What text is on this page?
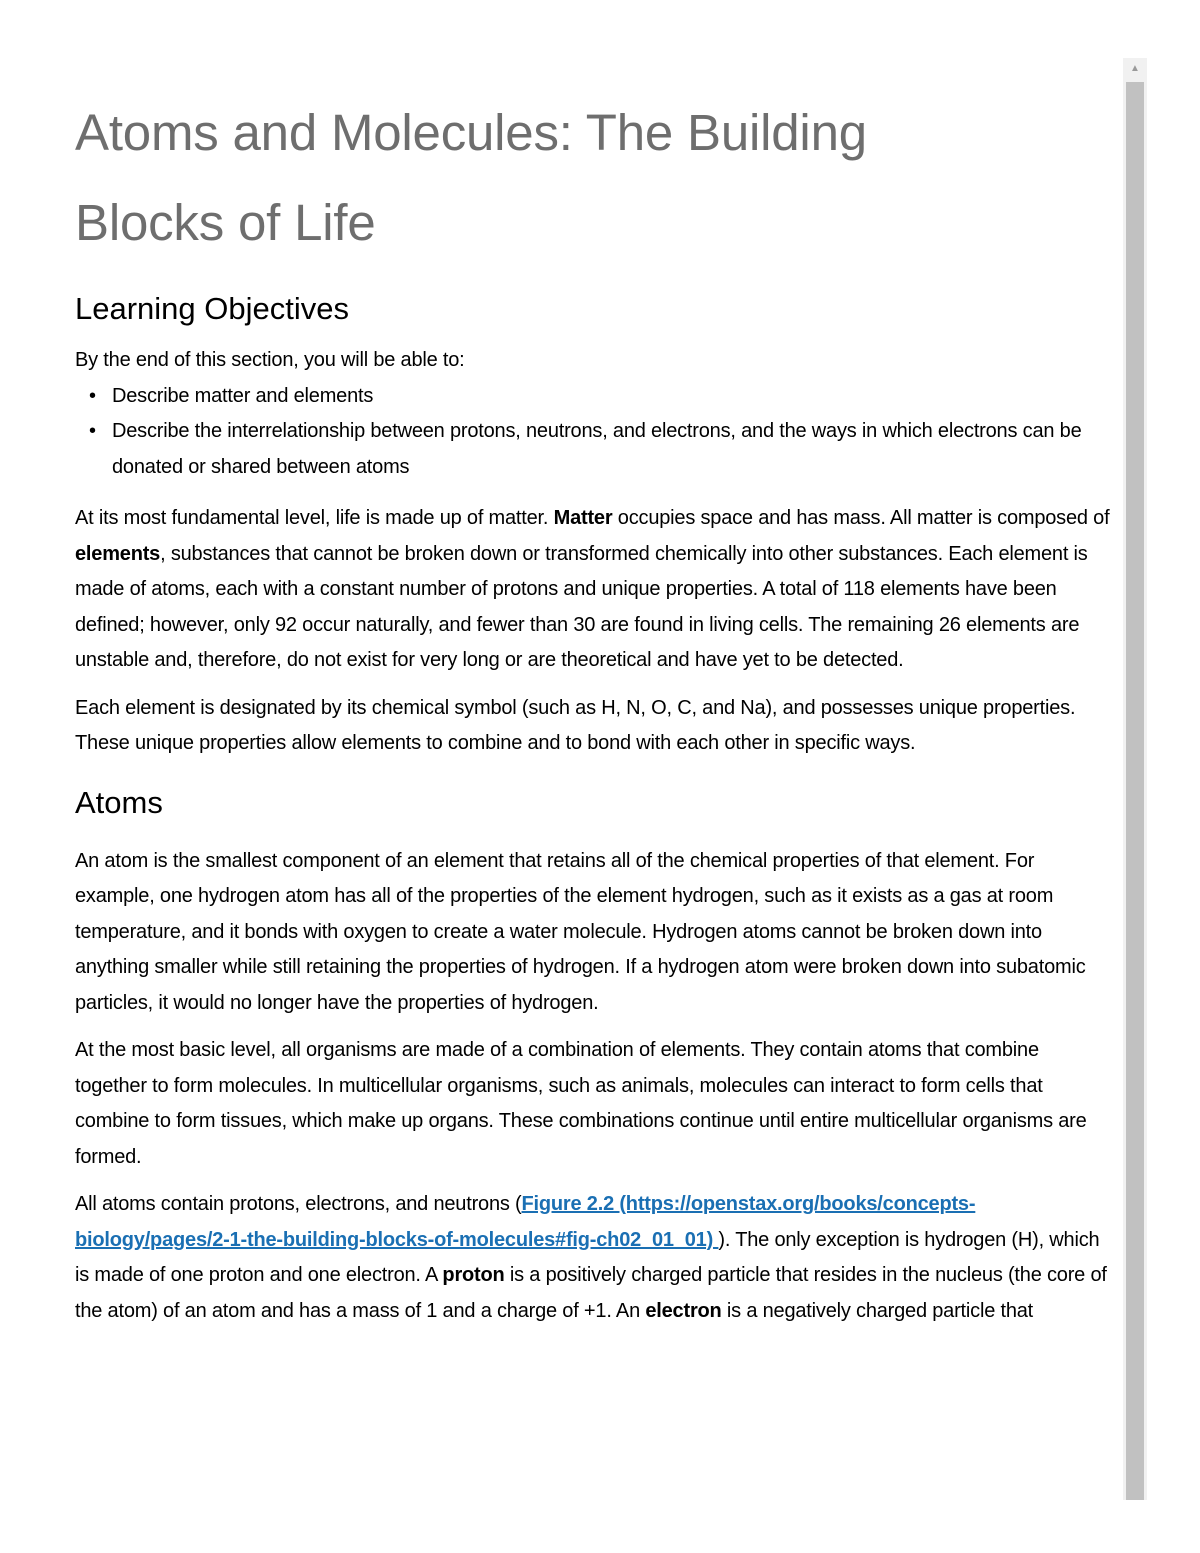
Atoms and Molecules: The Building
Blocks of Life
Learning Objectives

By the end of this section, you will be able to:

• Describe matter and elements
• Describe the interrelationship between protons, neutrons, and electrons, and the ways in which electrons can be donated or shared between atoms

At its most fundamental level, life is made up of matter. Matter occupies space and has mass. All matter is composed of elements, substances that cannot be broken down or transformed chemically into other substances. Each element is made of atoms, each with a constant number of protons and unique properties. A total of 118 elements have been defined; however, only 92 occur naturally, and fewer than 30 are found in living cells. The remaining 26 elements are unstable and, therefore, do not exist for very long or are theoretical and have yet to be detected.

Each element is designated by its chemical symbol (such as H, N, O, C, and Na), and possesses unique properties. These unique properties allow elements to combine and to bond with each other in specific ways.

Atoms

An atom is the smallest component of an element that retains all of the chemical properties of that element. For example, one hydrogen atom has all of the properties of the element hydrogen, such as it exists as a gas at room temperature, and it bonds with oxygen to create a water molecule. Hydrogen atoms cannot be broken down into anything smaller while still retaining the properties of hydrogen. If a hydrogen atom were broken down into subatomic particles, it would no longer have the properties of hydrogen.

At the most basic level, all organisms are made of a combination of elements. They contain atoms that combine together to form molecules. In multicellular organisms, such as animals, molecules can interact to form cells that combine to form tissues, which make up organs. These combinations continue until entire multicellular organisms are formed.

All atoms contain protons, electrons, and neutrons (Figure 2.2 (https://openstax.org/books/concepts-biology/pages/2-1-the-building-blocks-of-molecules#fig-ch02_01_01) ). The only exception is hydrogen (H), which is made of one proton and one electron. A proton is a positively charged particle that resides in the nucleus (the core of the atom) of an atom and has a mass of 1 and a charge of +1. An electron is a negatively charged particle that

▲
